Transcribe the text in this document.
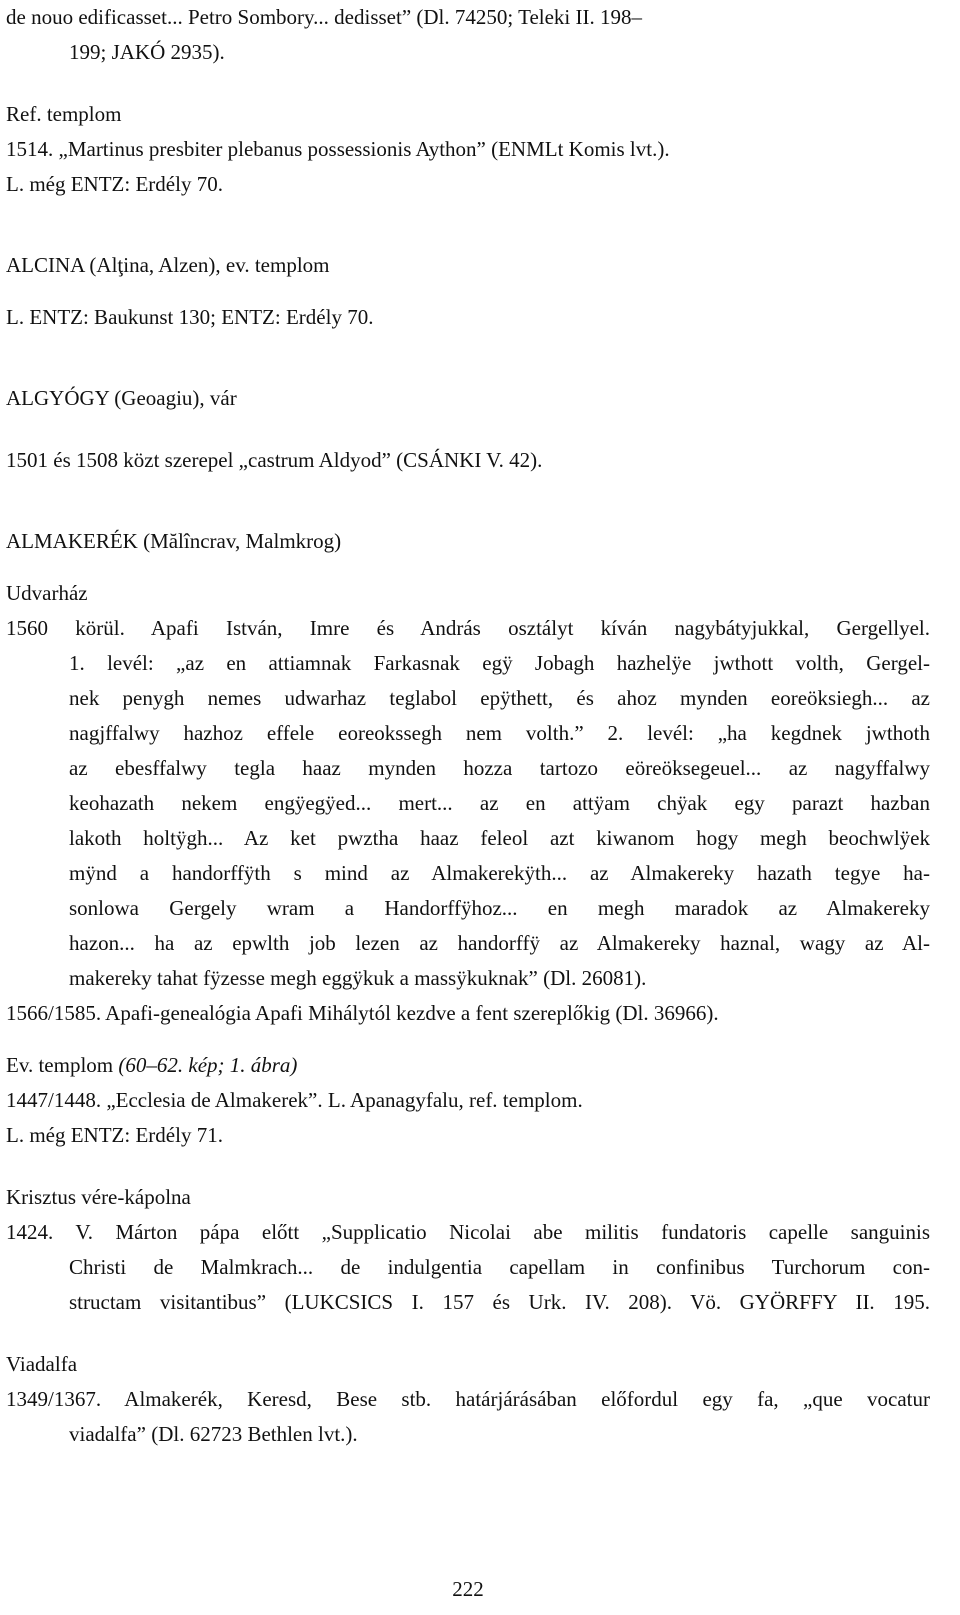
de nouo edificasset... Petro Sombory... dedisset” (Dl. 74250; Teleki II. 198–
199; JAKÓ 2935).
Ref. templom
1514. „Martinus presbiter plebanus possessionis Aython” (ENMLt Komis lvt.).
L. még ENTZ: Erdély 70.
ALCINA (Alţina, Alzen), ev. templom
L. ENTZ: Baukunst 130; ENTZ: Erdély 70.
ALGYÓGY (Geoagiu), vár
1501 és 1508 közt szerepel „castrum Aldyod” (CSÁNKI V. 42).
ALMAKERÉK (Mălîncrav, Malmkrog)
Udvarház
1560 körül. Apafi István, Imre és András osztályt kíván nagybátyjukkal, Gergellyel.
1. levél: „az en attiamnak Farkasnak egÿ Jobagh hazhelÿe jwthott volth, Gergel-
nek penygh nemes udwarhaz teglabol epÿthett, és ahoz mynden eoreöksiegh... az
nagjffalwy hazhoz effele eoreokssegh nem volth.” 2. levél: „ha kegdnek jwthoth
az ebesffalwy tegla haaz mynden hozza tartozo eöreöksegeuel... az nagyffalwy
keohazath nekem engÿegÿed... mert... az en attÿam chÿak egy parazt hazban
lakoth holtÿgh... Az ket pwztha haaz feleol azt kiwanom hogy megh beochwlÿek
mÿnd a handorffÿth s mind az Almakerekÿth... az Almakereky hazath tegye ha-
sonlowa Gergely wram a Handorffÿhoz... en megh maradok az Almakereky
hazon... ha az epwlth job lezen az handorffÿ az Almakereky haznal, wagy az Al-
makereky tahat fÿzesse megh eggÿkuk a massÿkuknak” (Dl. 26081).
1566/1585. Apafi-genealógia Apafi Mihálytól kezdve a fent szereplőkig (Dl. 36966).
Ev. templom (60–62. kép; 1. ábra)
1447/1448. „Ecclesia de Almakerek”. L. Apanagyfalu, ref. templom.
L. még ENTZ: Erdély 71.
Krisztus vére-kápolna
1424. V. Márton pápa előtt „Supplicatio Nicolai abe militis fundatoris capelle sanguinis
Christi de Malmkrach... de indulgentia capellam in confinibus Turchorum con-
structam visitantibus” (LUKCSICS I. 157 és Urk. IV. 208). Vö. GYÖRFFY II. 195.
Viadalfa
1349/1367. Almakerék, Keresd, Bese stb. határjárásában előfordul egy fa, „que vocatur
viadalfa” (Dl. 62723 Bethlen lvt.).
222
